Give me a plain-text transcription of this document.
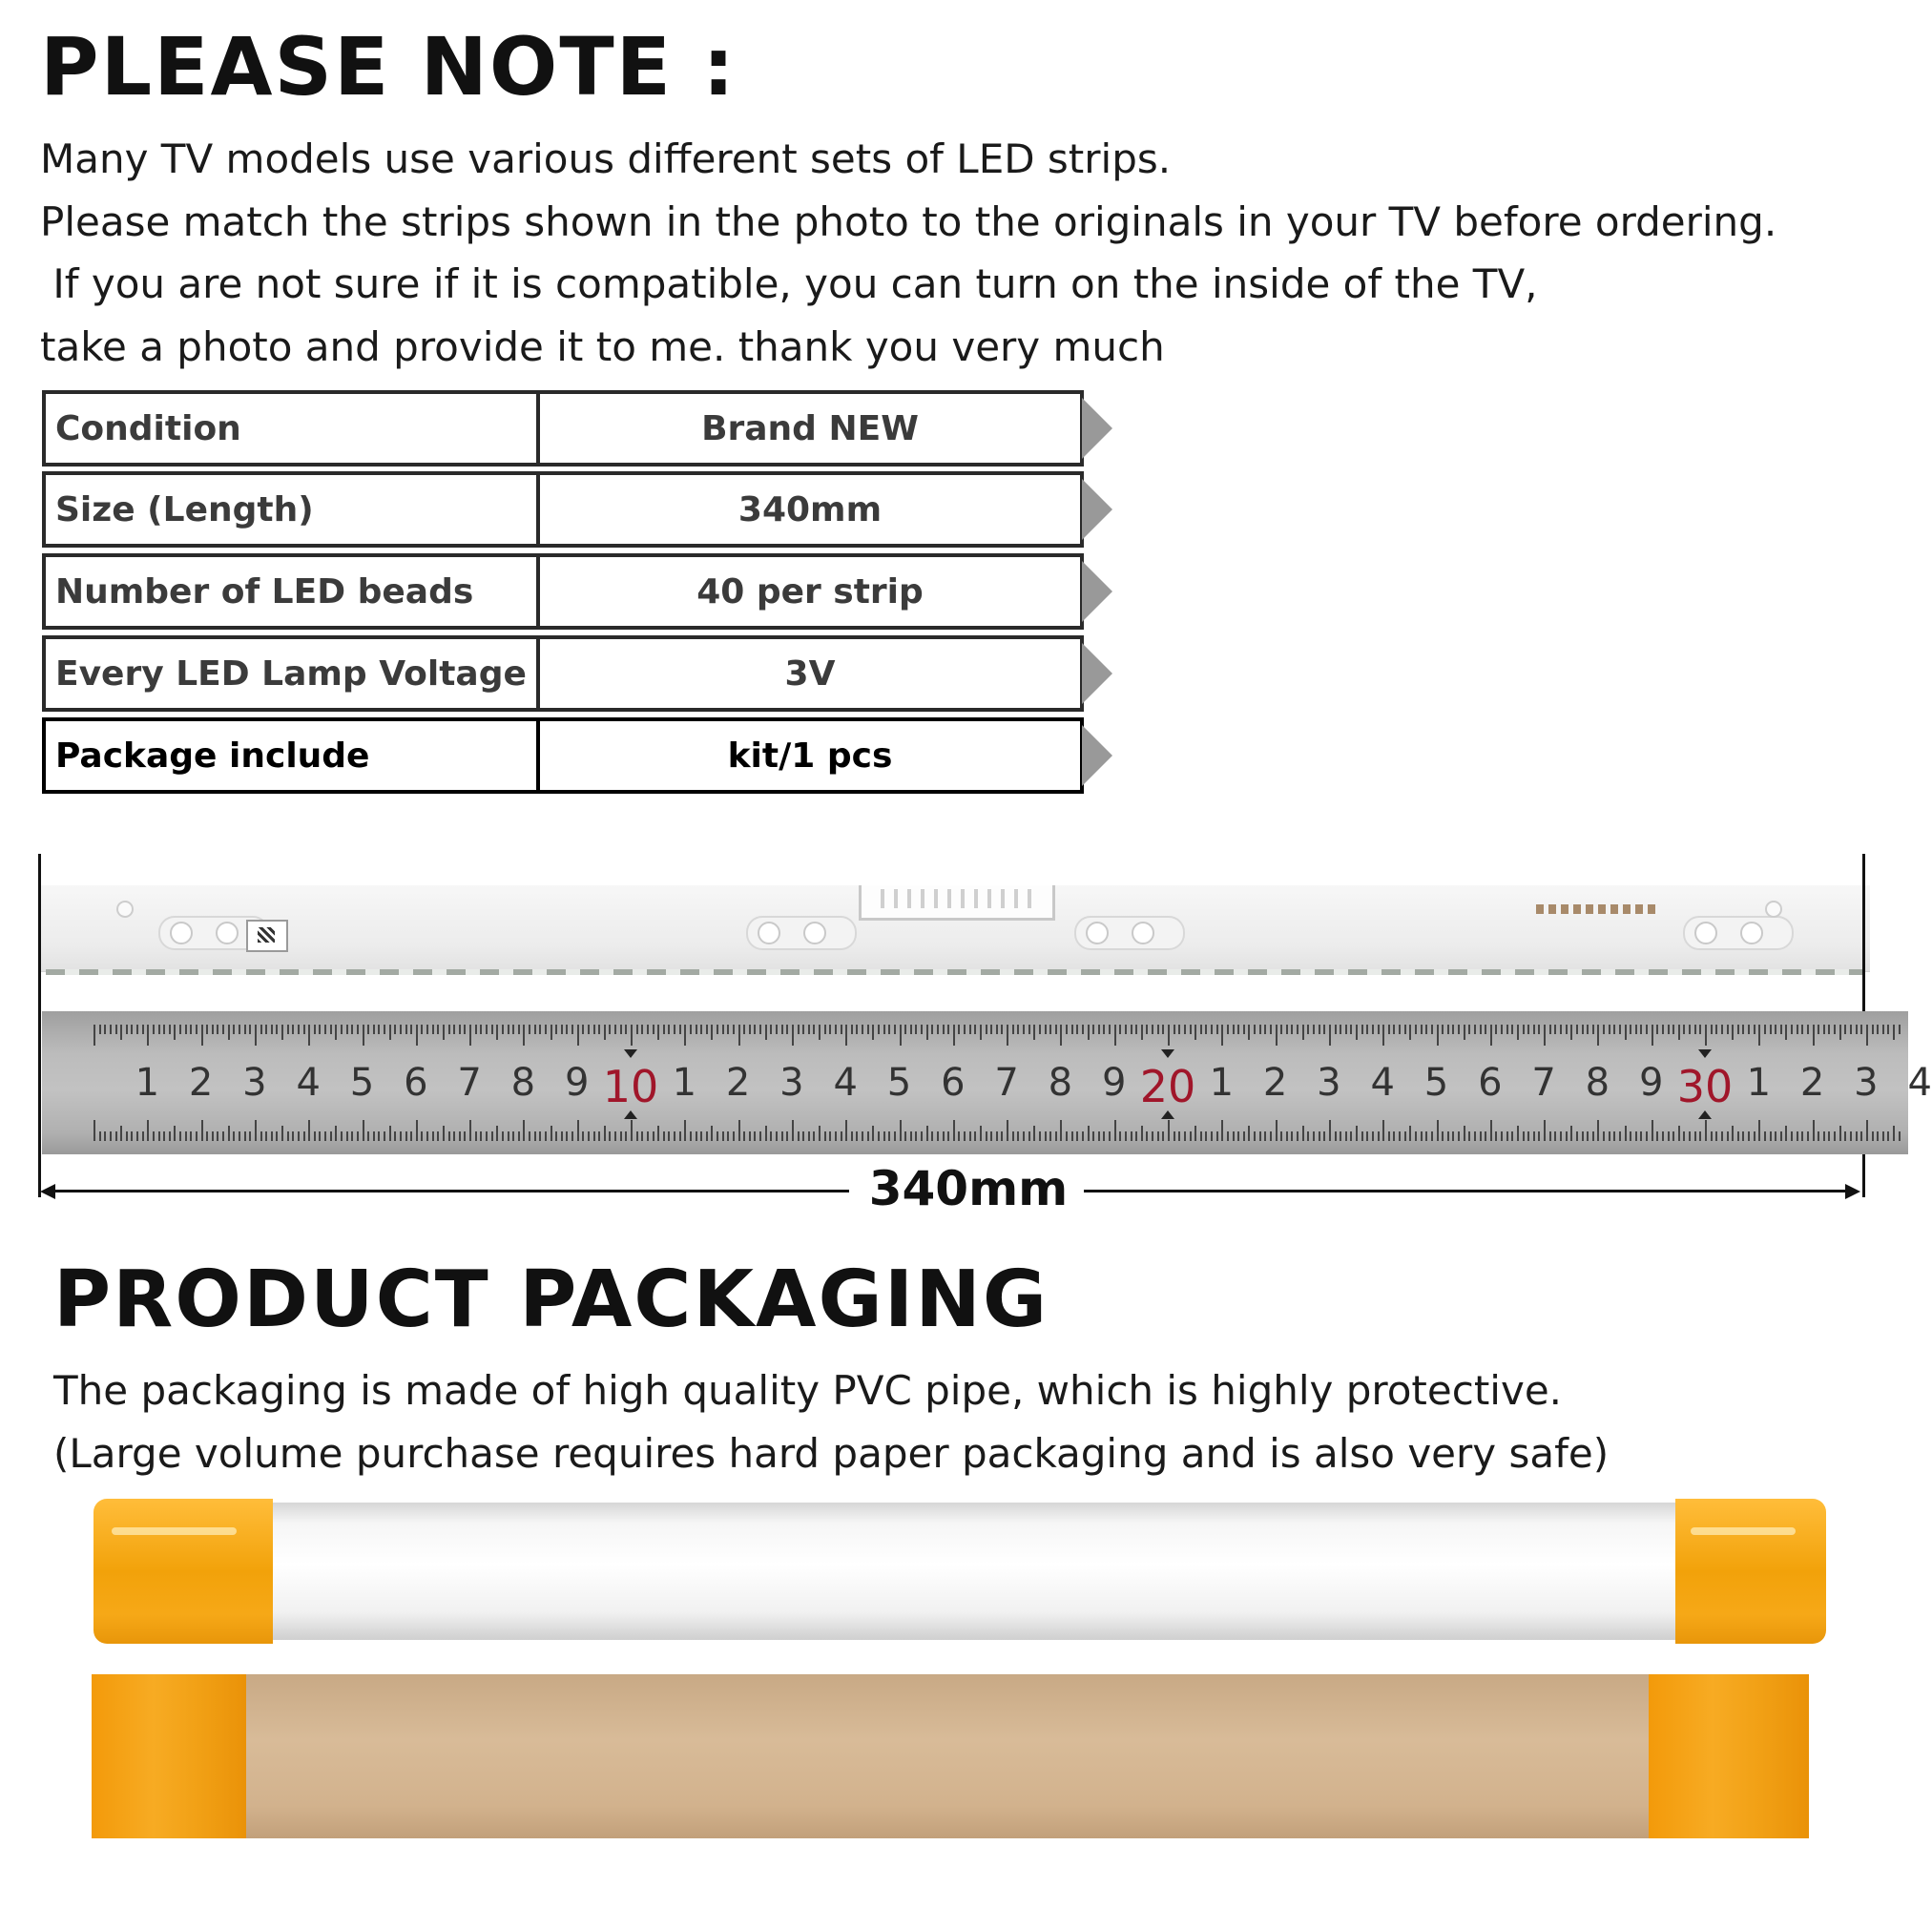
PLEASE NOTE :
Many TV models use various different sets of LED strips.
Please match the strips shown in the photo to the originals in your TV before ordering.
If you are not sure if it is compatible, you can turn on the inside of the TV,
take a photo and provide it to me. thank you very much
Condition	Brand NEW
Size (Length)	340mm
Number of LED beads	40 per strip
Every LED Lamp Voltage	3V
Package include	kit/1 pcs
1 2 3 4 5 6 7 8 9 10 1 2 3 4 5 6 7 8 9 20 1 2 3 4 5 6 7 8 9 30 1 2 3 4
340mm
PRODUCT PACKAGING
The packaging is made of high quality PVC pipe, which is highly protective.
(Large volume purchase requires hard paper packaging and is also very safe)
